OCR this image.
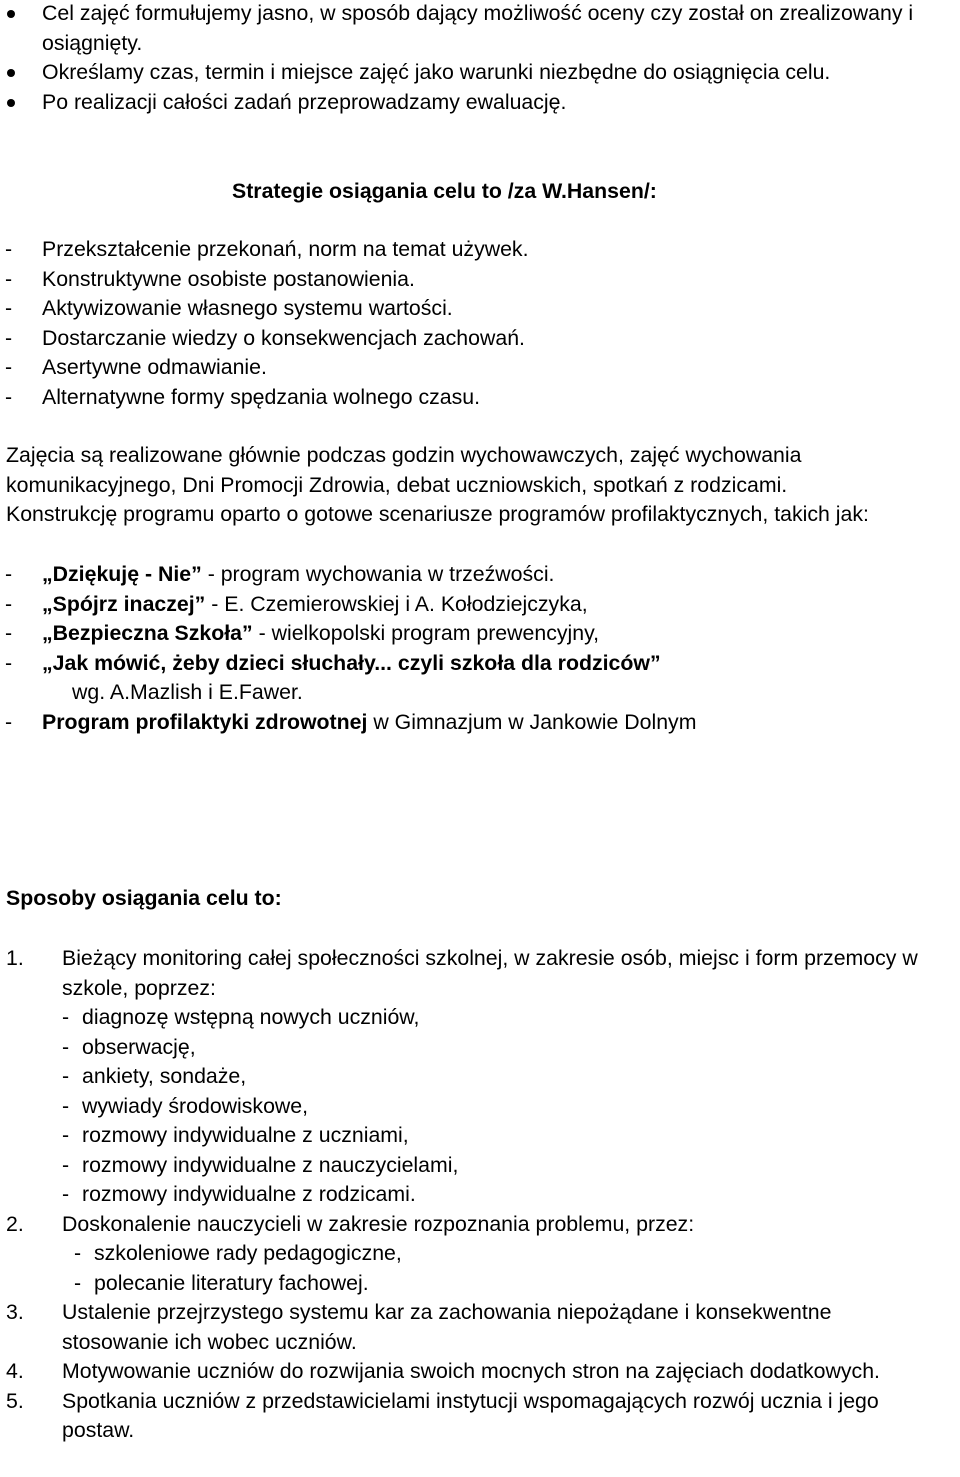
Cel zajęć formułujemy jasno, w sposób dający możliwość oceny czy został on zrealizowany i osiągnięty.
Określamy czas, termin i miejsce zajęć jako warunki niezbędne do osiągnięcia celu.
Po realizacji całości zadań przeprowadzamy ewaluację.
Strategie osiągania celu to /za W.Hansen/:
- Przekształcenie przekonań, norm na temat używek.
- Konstruktywne osobiste postanowienia.
- Aktywizowanie własnego systemu wartości.
- Dostarczanie wiedzy o konsekwencjach zachowań.
- Asertywne odmawianie.
- Alternatywne formy spędzania wolnego czasu.
Zajęcia są realizowane głównie podczas godzin wychowawczych, zajęć wychowania komunikacyjnego, Dni Promocji Zdrowia, debat uczniowskich, spotkań z rodzicami.
Konstrukcję programu oparto o gotowe scenariusze programów profilaktycznych, takich jak:
- „Dziękuję - Nie” - program wychowania w trzeźwości.
- „Spójrz inaczej” - E. Czemierowskiej i A. Kołodziejczyka,
- „Bezpieczna Szkoła” - wielkopolski program prewencyjny,
- „Jak mówić, żeby dzieci słuchały... czyli szkoła dla rodziców”
wg. A.Mazlish i E.Fawer.
- Program profilaktyki zdrowotnej w Gimnazjum w Jankowie Dolnym
Sposoby osiągania celu to:
1. Bieżący monitoring całej społeczności szkolnej, w zakresie osób, miejsc i form przemocy w szkole, poprzez:
- diagnozę wstępną nowych uczniów,
- obserwację,
- ankiety, sondaże,
- wywiady środowiskowe,
- rozmowy indywidualne z uczniami,
- rozmowy indywidualne z nauczycielami,
- rozmowy indywidualne z rodzicami.
2. Doskonalenie nauczycieli w zakresie rozpoznania problemu, przez:
- szkoleniowe rady pedagogiczne,
- polecanie literatury fachowej.
3. Ustalenie przejrzystego systemu kar za zachowania niepożądane i konsekwentne stosowanie ich wobec uczniów.
4. Motywowanie uczniów do rozwijania swoich mocnych stron na zajęciach dodatkowych.
5. Spotkania uczniów z przedstawicielami instytucji wspomagających rozwój ucznia i jego postaw.
